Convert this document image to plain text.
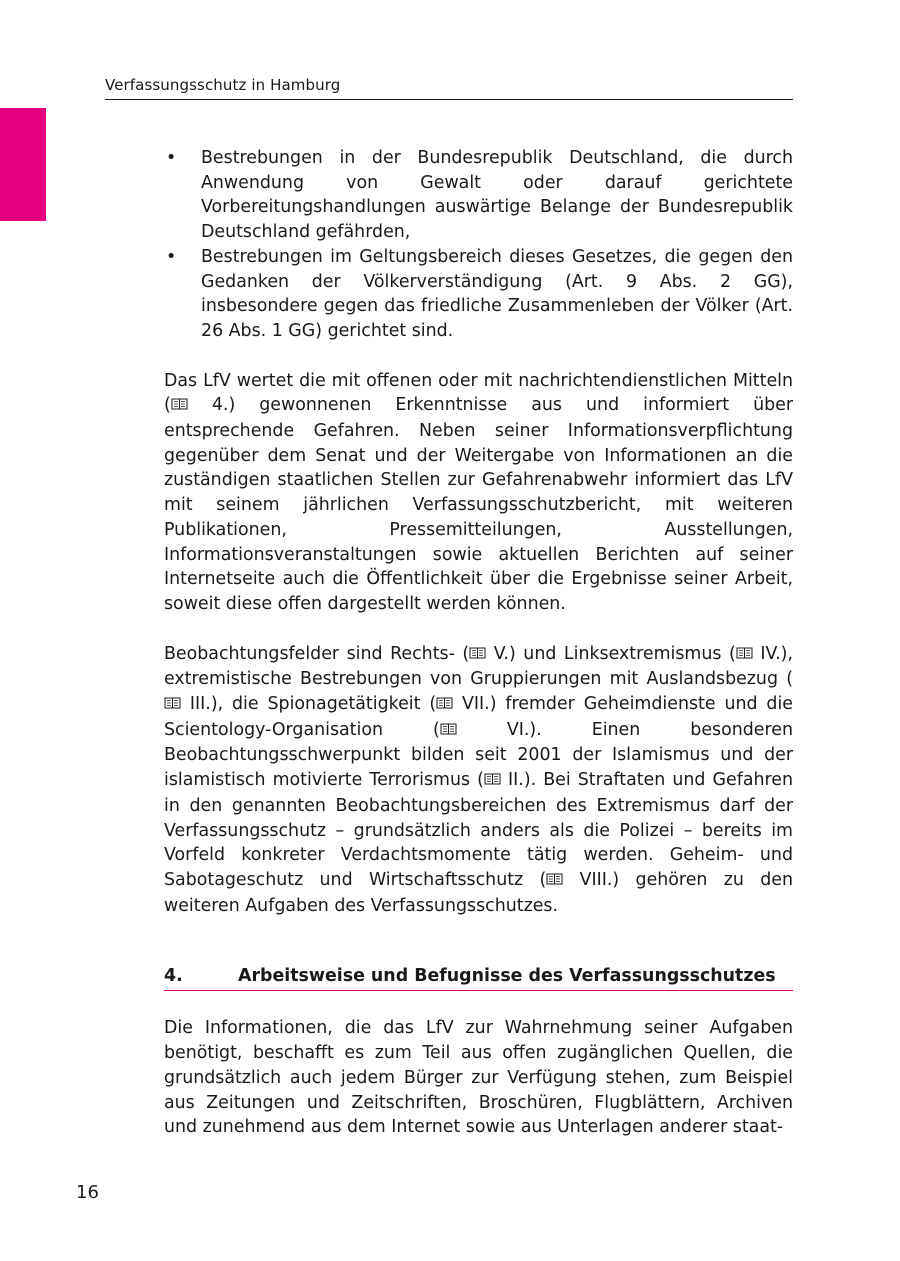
Verfassungsschutz in Hamburg
• Bestrebungen in der Bundesrepublik Deutschland, die durch Anwendung von Gewalt oder darauf gerichtete Vorbereitungshandlungen auswärtige Belange der Bundesrepublik Deutschland gefährden,
• Bestrebungen im Geltungsbereich dieses Gesetzes, die gegen den Gedanken der Völkerverständigung (Art. 9 Abs. 2 GG), insbesondere gegen das friedliche Zusammenleben der Völker (Art. 26 Abs. 1 GG) gerichtet sind.

Das LfV wertet die mit offenen oder mit nachrichtendienstlichen Mitteln ( 4.) gewonnenen Erkenntnisse aus und informiert über entsprechende Gefahren. Neben seiner Informationsverpflichtung gegenüber dem Senat und der Weitergabe von Informationen an die zuständigen staatlichen Stellen zur Gefahrenabwehr informiert das LfV mit seinem jährlichen Verfassungsschutzbericht, mit weiteren Publikationen, Pressemitteilungen, Ausstellungen, Informationsveranstaltungen sowie aktuellen Berichten auf seiner Internetseite auch die Öffentlichkeit über die Ergebnisse seiner Arbeit, soweit diese offen dargestellt werden können.

Beobachtungsfelder sind Rechts- ( V.) und Linksextremismus ( IV.), extremistische Bestrebungen von Gruppierungen mit Auslandsbezug ( III.), die Spionagetätigkeit ( VII.) fremder Geheimdienste und die Scientology-Organisation ( VI.). Einen besonderen Beobachtungsschwerpunkt bilden seit 2001 der Islamismus und der islamistisch motivierte Terrorismus ( II.). Bei Straftaten und Gefahren in den genannten Beobachtungsbereichen des Extremismus darf der Verfassungsschutz – grundsätzlich anders als die Polizei – bereits im Vorfeld konkreter Verdachtsmomente tätig werden. Geheim- und Sabotageschutz und Wirtschaftsschutz ( VIII.) gehören zu den weiteren Aufgaben des Verfassungsschutzes.

4.	Arbeitsweise und Befugnisse des Verfassungsschutzes

Die Informationen, die das LfV zur Wahrnehmung seiner Aufgaben benötigt, beschafft es zum Teil aus offen zugänglichen Quellen, die grundsätzlich auch jedem Bürger zur Verfügung stehen, zum Beispiel aus Zeitungen und Zeitschriften, Broschüren, Flugblättern, Archiven und zunehmend aus dem Internet sowie aus Unterlagen anderer staat-

16
